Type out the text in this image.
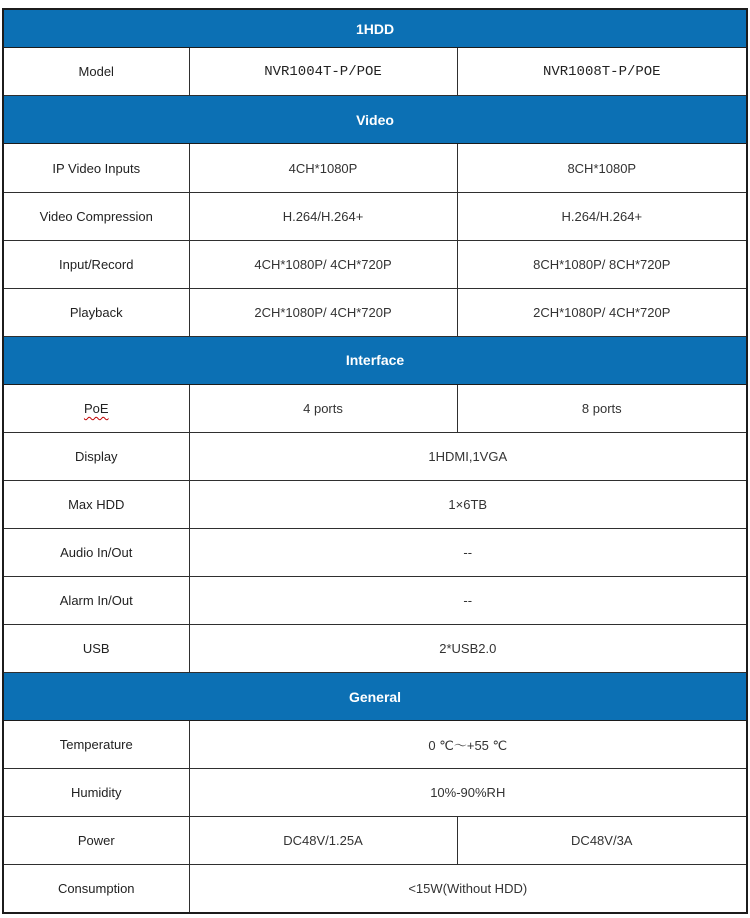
1HDD		
Model	NVR1004T-P/POE	NVR1008T-P/POE
Video		
IP Video Inputs	4CH*1080P	8CH*1080P
Video Compression	H.264/H.264+	H.264/H.264+
Input/Record	4CH*1080P/ 4CH*720P	8CH*1080P/ 8CH*720P
Playback	2CH*1080P/ 4CH*720P	2CH*1080P/ 4CH*720P
Interface		
PoE	4 ports	8 ports
Display	1HDMI,1VGA	
Max HDD	1×6TB	
Audio In/Out	--	
Alarm In/Out	--	
USB	2*USB2.0	
General		
Temperature	0 ℃～+55 ℃	
Humidity	10%-90%RH	
Power	DC48V/1.25A	DC48V/3A
Consumption	<15W(Without HDD)	
